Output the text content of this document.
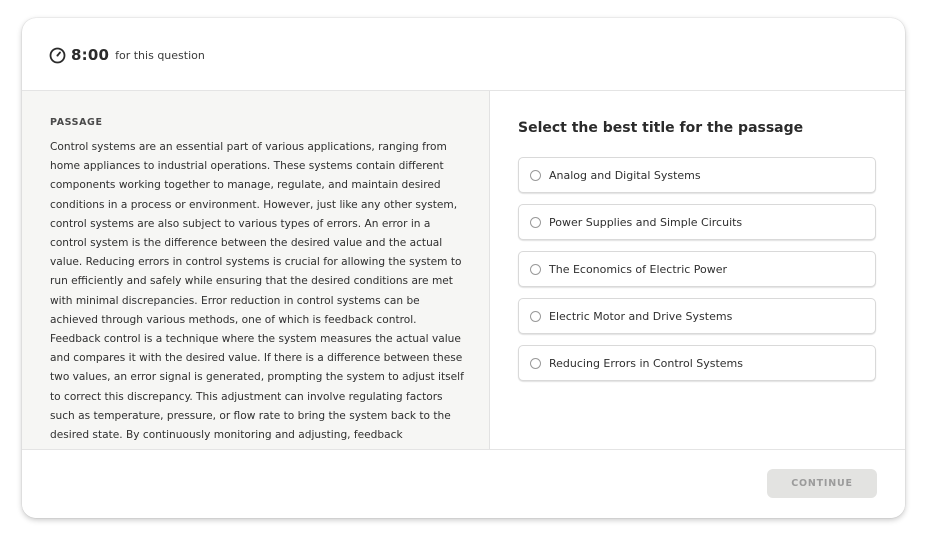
8:00 for this question
PASSAGE

Control systems are an essential part of various applications, ranging from home appliances to industrial operations. These systems contain different components working together to manage, regulate, and maintain desired conditions in a process or environment. However, just like any other system, control systems are also subject to various types of errors. An error in a control system is the difference between the desired value and the actual value. Reducing errors in control systems is crucial for allowing the system to run efficiently and safely while ensuring that the desired conditions are met with minimal discrepancies. Error reduction in control systems can be achieved through various methods, one of which is feedback control. Feedback control is a technique where the system measures the actual value and compares it with the desired value. If there is a difference between these two values, an error signal is generated, prompting the system to adjust itself to correct this discrepancy. This adjustment can involve regulating factors such as temperature, pressure, or flow rate to bring the system back to the desired state. By continuously monitoring and adjusting, feedback

Select the best title for the passage
Analog and Digital Systems
Power Supplies and Simple Circuits
The Economics of Electric Power
Electric Motor and Drive Systems
Reducing Errors in Control Systems
CONTINUE
